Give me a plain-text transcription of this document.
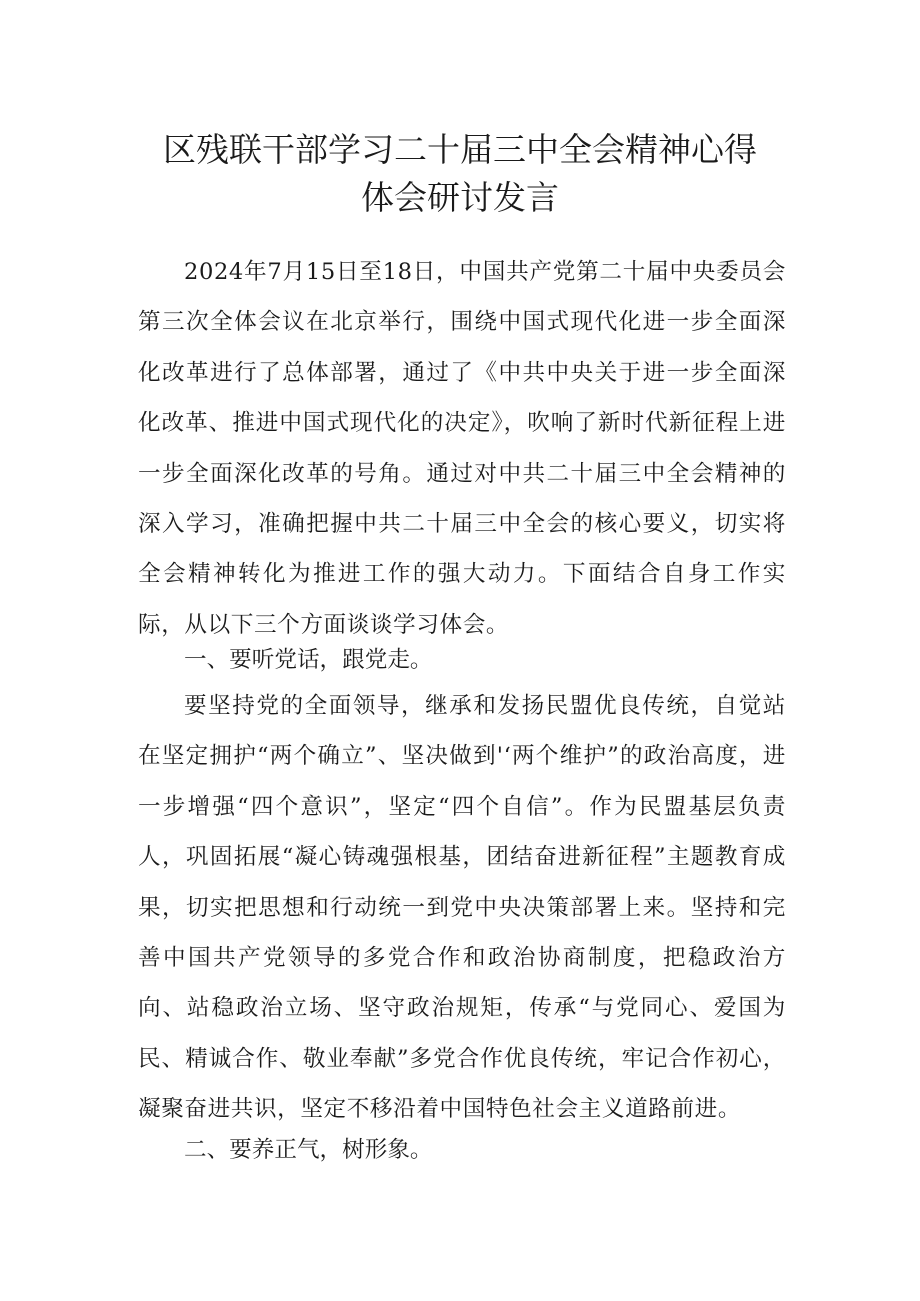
区残联干部学习二十届三中全会精神心得
体会研讨发言

2024年7月15日至18日，中国共产党第二十届中央委员会第三次全体会议在北京举行，围绕中国式现代化进一步全面深化改革进行了总体部署，通过了《中共中央关于进一步全面深化改革、推进中国式现代化的决定》，吹响了新时代新征程上进一步全面深化改革的号角。通过对中共二十届三中全会精神的深入学习，准确把握中共二十届三中全会的核心要义，切实将全会精神转化为推进工作的强大动力。下面结合自身工作实际，从以下三个方面谈谈学习体会。

一、要听党话，跟党走。

要坚持党的全面领导，继承和发扬民盟优良传统，自觉站在坚定拥护“两个确立”、坚决做到'‘两个维护”的政治高度，进一步增强“四个意识”，坚定“四个自信”。作为民盟基层负责人，巩固拓展“凝心铸魂强根基，团结奋进新征程”主题教育成果，切实把思想和行动统一到党中央决策部署上来。坚持和完善中国共产党领导的多党合作和政治协商制度，把稳政治方向、站稳政治立场、坚守政治规矩，传承“与党同心、爱国为民、精诚合作、敬业奉献”多党合作优良传统，牢记合作初心，凝聚奋进共识，坚定不移沿着中国特色社会主义道路前进。

二、要养正气，树形象。
